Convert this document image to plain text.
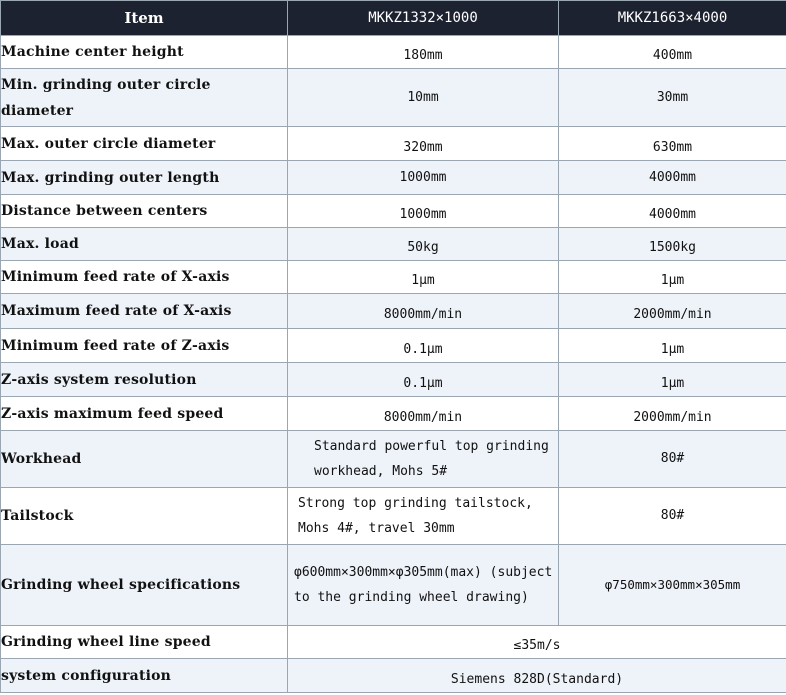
Item	MKKZ1332×1000	MKKZ1663×4000
Machine center height	180mm	400mm
Min. grinding outer circle diameter	10mm	30mm
Max. outer circle diameter	320mm	630mm
Max. grinding outer length	1000mm	4000mm
Distance between centers	1000mm	4000mm
Max. load	50kg	1500kg
Minimum feed rate of X-axis	1μm	1μm
Maximum feed rate of X-axis	8000mm/min	2000mm/min
Minimum feed rate of Z-axis	0.1μm	1μm
Z-axis system resolution	0.1μm	1μm
Z-axis maximum feed speed	8000mm/min	2000mm/min
Workhead	Standard powerful top grinding workhead, Mohs 5#	80#
Tailstock	Strong top grinding tailstock, Mohs 4#, travel 30mm	80#
Grinding wheel specifications	φ600mm×300mm×φ305mm(max) (subject to the grinding wheel drawing)	φ750mm×300mm×305mm
Grinding wheel line speed	≤35m/s	
system configuration	Siemens 828D(Standard)	
